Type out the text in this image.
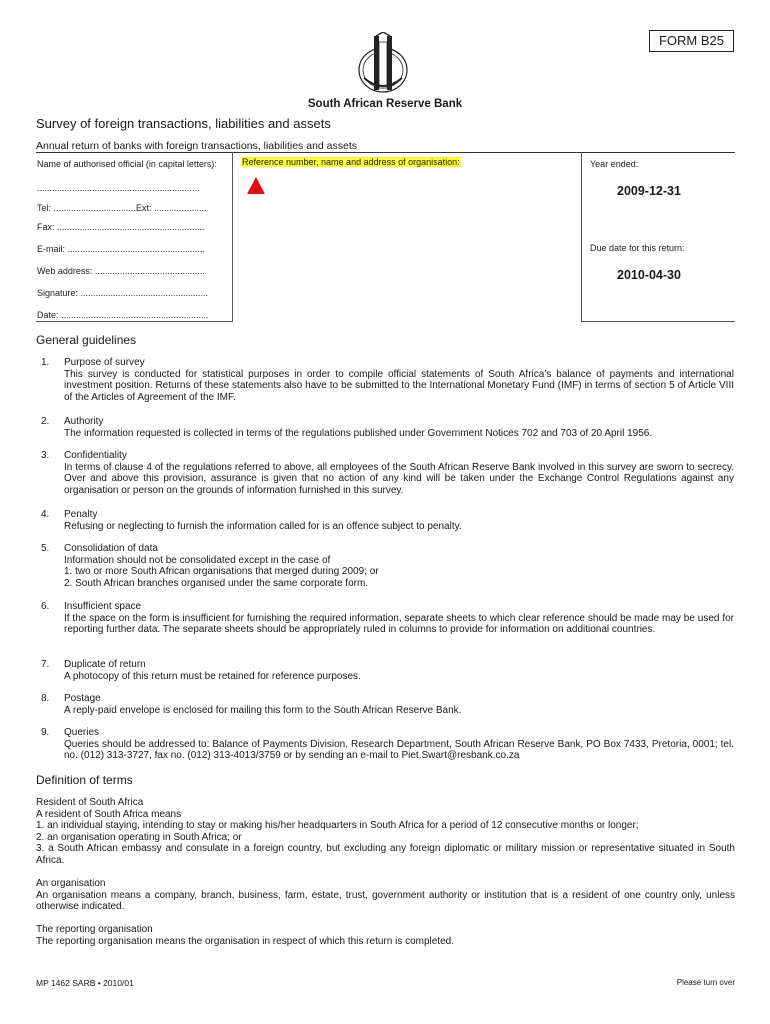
FORM B25
South African Reserve Bank
Survey of foreign transactions, liabilities and assets
Annual return of banks with foreign transactions, liabilities and assets
Name of authorised official (in capital letters):
.................................................................
Tel: .................................Ext: .....................
Fax: ...........................................................
E-mail: .......................................................
Web address: ............................................
Signature: ...................................................
Date: ...........................................................
Reference number, name and address of organisation:	Year ended:
2009-12-31
Due date for this return:
2010-04-30
General guidelines
1. Purpose of survey
This survey is conducted for statistical purposes in order to compile official statements of South Africa’s balance of payments and international investment position. Returns of these statements also have to be submitted to the International Monetary Fund (IMF) in terms of section 5 of Article VIII of the Articles of Agreement of the IMF.
2. Authority
The information requested is collected in terms of the regulations published under Government Notices 702 and 703 of 20 April 1956.
3. Confidentiality
In terms of clause 4 of the regulations referred to above, all employees of the South African Reserve Bank involved in this survey are sworn to secrecy. Over and above this provision, assurance is given that no action of any kind will be taken under the Exchange Control Regulations against any organisation or person on the grounds of information furnished in this survey.
4. Penalty
Refusing or neglecting to furnish the information called for is an offence subject to penalty.
5. Consolidation of data
Information should not be consolidated except in the case of
1. two or more South African organisations that merged during 2009; or
2. South African branches organised under the same corporate form.
6. Insufficient space
If the space on the form is insufficient for furnishing the required information, separate sheets to which clear reference should be made may be used for reporting further data. The separate sheets should be appropriately ruled in columns to provide for information on additional countries.
7. Duplicate of return
A photocopy of this return must be retained for reference purposes.
8. Postage
A reply-paid envelope is enclosed for mailing this form to the South African Reserve Bank.
9. Queries
Queries should be addressed to: Balance of Payments Division, Research Department, South African Reserve Bank, PO Box 7433, Pretoria, 0001; tel. no. (012) 313-3727, fax no. (012) 313-4013/3759 or by sending an e-mail to Piet.Swart@resbank.co.za
Definition of terms
Resident of South Africa
A resident of South Africa means
1. an individual staying, intending to stay or making his/her headquarters in South Africa for a period of 12 consecutive months or longer;
2. an organisation operating in South Africa; or
3. a South African embassy and consulate in a foreign country, but excluding any foreign diplomatic or military mission or representative situated in South Africa.
An organisation
An organisation means a company, branch, business, farm, estate, trust, government authority or institution that is a resident of one country only, unless otherwise indicated.
The reporting organisation
The reporting organisation means the organisation in respect of which this return is completed.
MP 1462 SARB • 2010/01	Please turn over
